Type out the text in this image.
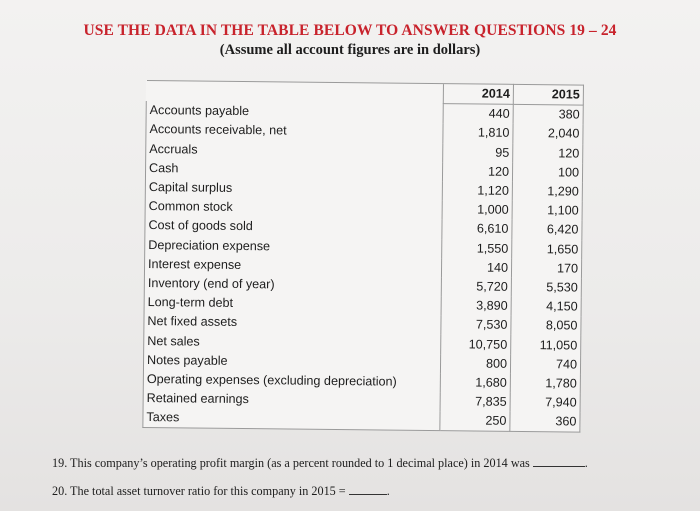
USE THE DATA IN THE TABLE BELOW TO ANSWER QUESTIONS 19 – 24
(Assume all account figures are in dollars)
	2014	2015
Accounts payable	440	380
Accounts receivable, net	1,810	2,040
Accruals	95	120
Cash	120	100
Capital surplus	1,120	1,290
Common stock	1,000	1,100
Cost of goods sold	6,610	6,420
Depreciation expense	1,550	1,650
Interest expense	140	170
Inventory (end of year)	5,720	5,530
Long-term debt	3,890	4,150
Net fixed assets	7,530	8,050
Net sales	10,750	11,050
Notes payable	800	740
Operating expenses (excluding depreciation)	1,680	1,780
Retained earnings	7,835	7,940
Taxes	250	360
19. This company’s operating profit margin (as a percent rounded to 1 decimal place) in 2014 was	.
20. The total asset turnover ratio for this company in 2015 =	.
